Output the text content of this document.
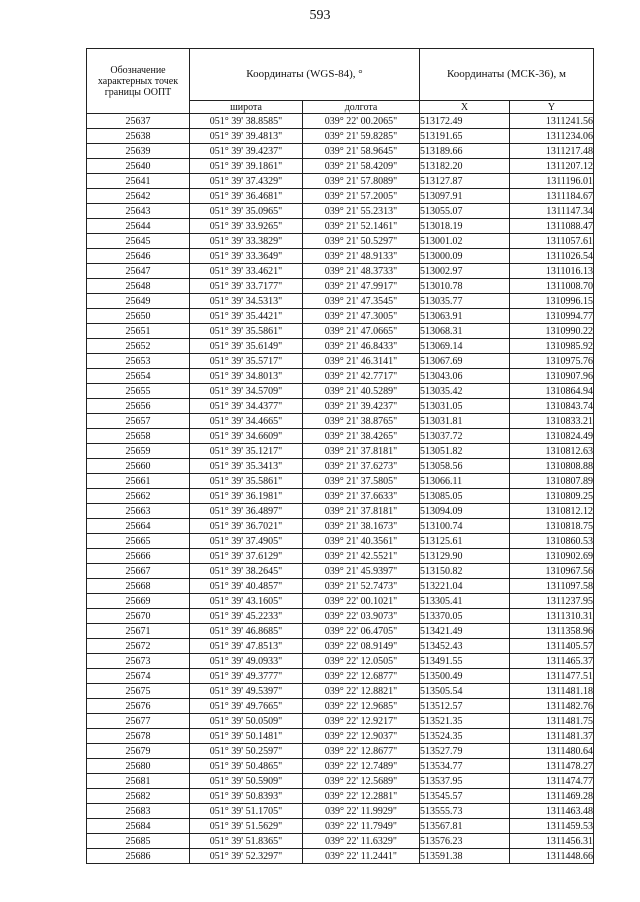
593
Обозначение характерных точек границы ООПТ	Координаты (WGS-84), °		Координаты (МСК-36), м	
	широта	долгота	X	Y
25637	051° 39' 38.8585"	039° 22' 00.2065"	513172.49	1311241.56
25638	051° 39' 39.4813"	039° 21' 59.8285"	513191.65	1311234.06
25639	051° 39' 39.4237"	039° 21' 58.9645"	513189.66	1311217.48
25640	051° 39' 39.1861"	039° 21' 58.4209"	513182.20	1311207.12
25641	051° 39' 37.4329"	039° 21' 57.8089"	513127.87	1311196.01
25642	051° 39' 36.4681"	039° 21' 57.2005"	513097.91	1311184.67
25643	051° 39' 35.0965"	039° 21' 55.2313"	513055.07	1311147.34
25644	051° 39' 33.9265"	039° 21' 52.1461"	513018.19	1311088.47
25645	051° 39' 33.3829"	039° 21' 50.5297"	513001.02	1311057.61
25646	051° 39' 33.3649"	039° 21' 48.9133"	513000.09	1311026.54
25647	051° 39' 33.4621"	039° 21' 48.3733"	513002.97	1311016.13
25648	051° 39' 33.7177"	039° 21' 47.9917"	513010.78	1311008.70
25649	051° 39' 34.5313"	039° 21' 47.3545"	513035.77	1310996.15
25650	051° 39' 35.4421"	039° 21' 47.3005"	513063.91	1310994.77
25651	051° 39' 35.5861"	039° 21' 47.0665"	513068.31	1310990.22
25652	051° 39' 35.6149"	039° 21' 46.8433"	513069.14	1310985.92
25653	051° 39' 35.5717"	039° 21' 46.3141"	513067.69	1310975.76
25654	051° 39' 34.8013"	039° 21' 42.7717"	513043.06	1310907.96
25655	051° 39' 34.5709"	039° 21' 40.5289"	513035.42	1310864.94
25656	051° 39' 34.4377"	039° 21' 39.4237"	513031.05	1310843.74
25657	051° 39' 34.4665"	039° 21' 38.8765"	513031.81	1310833.21
25658	051° 39' 34.6609"	039° 21' 38.4265"	513037.72	1310824.49
25659	051° 39' 35.1217"	039° 21' 37.8181"	513051.82	1310812.63
25660	051° 39' 35.3413"	039° 21' 37.6273"	513058.56	1310808.88
25661	051° 39' 35.5861"	039° 21' 37.5805"	513066.11	1310807.89
25662	051° 39' 36.1981"	039° 21' 37.6633"	513085.05	1310809.25
25663	051° 39' 36.4897"	039° 21' 37.8181"	513094.09	1310812.12
25664	051° 39' 36.7021"	039° 21' 38.1673"	513100.74	1310818.75
25665	051° 39' 37.4905"	039° 21' 40.3561"	513125.61	1310860.53
25666	051° 39' 37.6129"	039° 21' 42.5521"	513129.90	1310902.69
25667	051° 39' 38.2645"	039° 21' 45.9397"	513150.82	1310967.56
25668	051° 39' 40.4857"	039° 21' 52.7473"	513221.04	1311097.58
25669	051° 39' 43.1605"	039° 22' 00.1021"	513305.41	1311237.95
25670	051° 39' 45.2233"	039° 22' 03.9073"	513370.05	1311310.31
25671	051° 39' 46.8685"	039° 22' 06.4705"	513421.49	1311358.96
25672	051° 39' 47.8513"	039° 22' 08.9149"	513452.43	1311405.57
25673	051° 39' 49.0933"	039° 22' 12.0505"	513491.55	1311465.37
25674	051° 39' 49.3777"	039° 22' 12.6877"	513500.49	1311477.51
25675	051° 39' 49.5397"	039° 22' 12.8821"	513505.54	1311481.18
25676	051° 39' 49.7665"	039° 22' 12.9685"	513512.57	1311482.76
25677	051° 39' 50.0509"	039° 22' 12.9217"	513521.35	1311481.75
25678	051° 39' 50.1481"	039° 22' 12.9037"	513524.35	1311481.37
25679	051° 39' 50.2597"	039° 22' 12.8677"	513527.79	1311480.64
25680	051° 39' 50.4865"	039° 22' 12.7489"	513534.77	1311478.27
25681	051° 39' 50.5909"	039° 22' 12.5689"	513537.95	1311474.77
25682	051° 39' 50.8393"	039° 22' 12.2881"	513545.57	1311469.28
25683	051° 39' 51.1705"	039° 22' 11.9929"	513555.73	1311463.48
25684	051° 39' 51.5629"	039° 22' 11.7949"	513567.81	1311459.53
25685	051° 39' 51.8365"	039° 22' 11.6329"	513576.23	1311456.31
25686	051° 39' 52.3297"	039° 22' 11.2441"	513591.38	1311448.66
